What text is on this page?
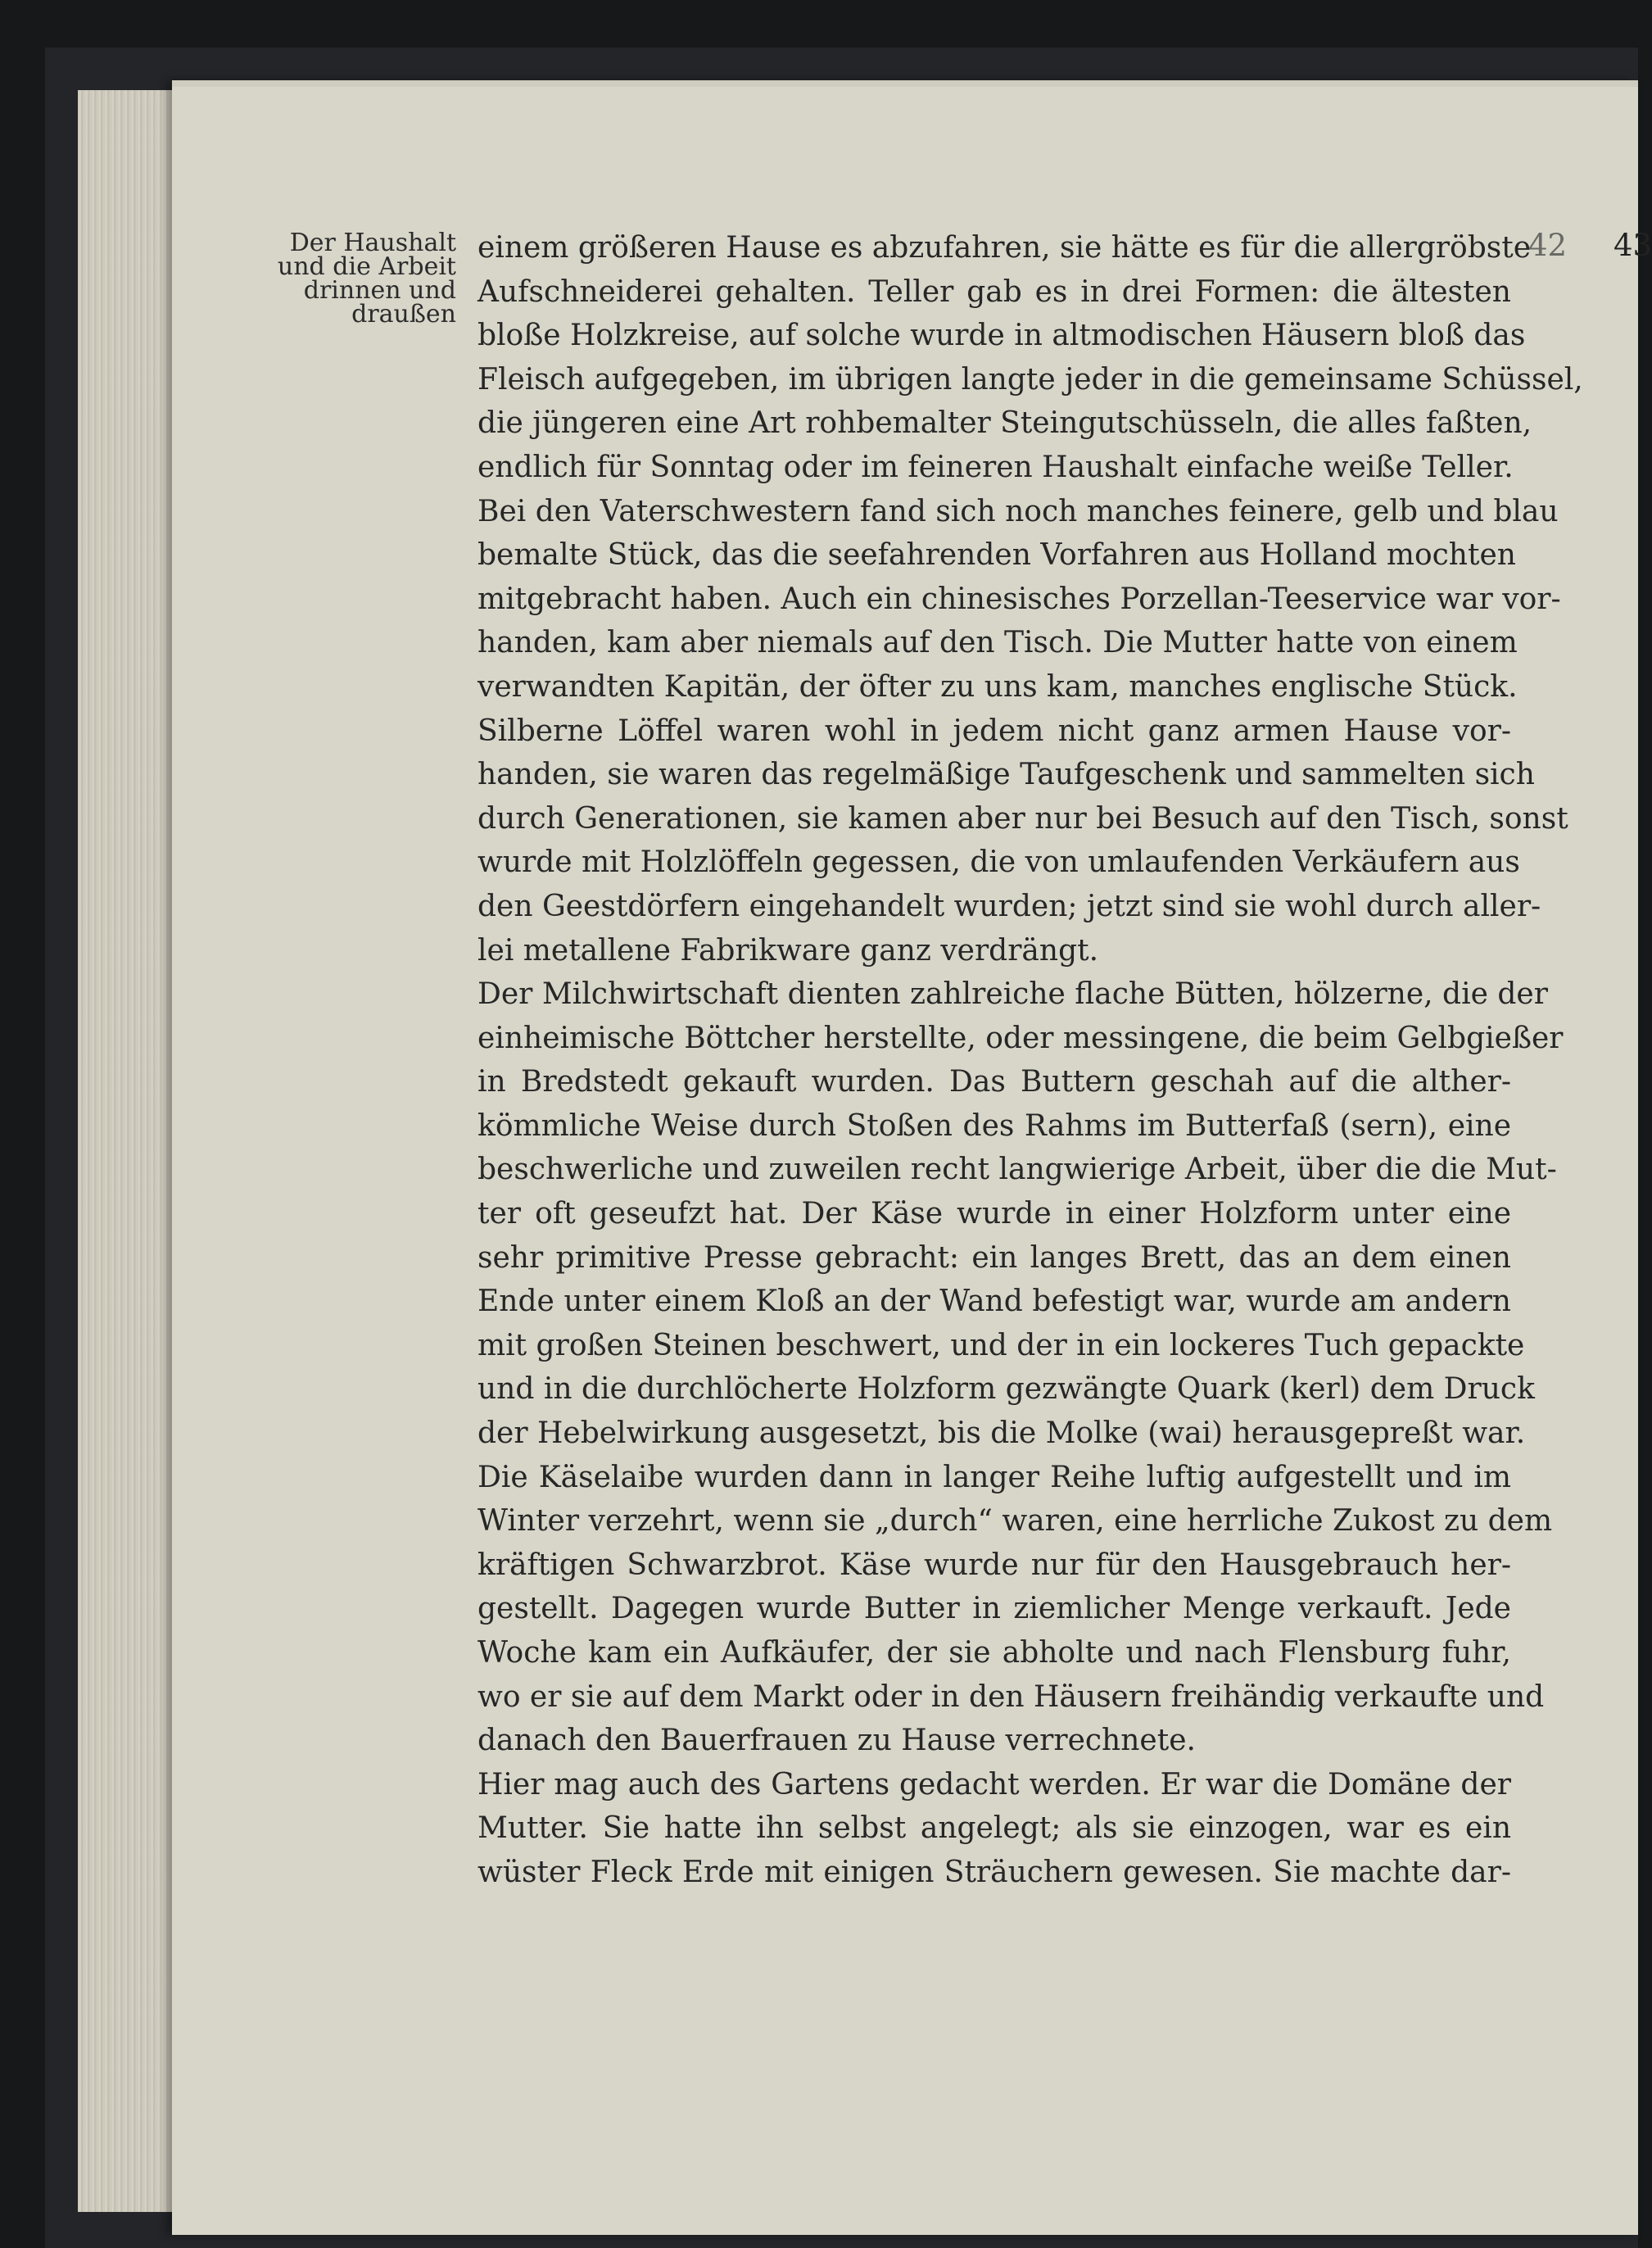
Der Haushalt
und die Arbeit
drinnen und
draußen
42 43
einem größeren Hause es abzufahren, sie hätte es für die allergröbste
Aufschneiderei gehalten. Teller gab es in drei Formen: die ältesten
bloße Holzkreise, auf solche wurde in altmodischen Häusern bloß das
Fleisch aufgegeben, im übrigen langte jeder in die gemeinsame Schüssel,
die jüngeren eine Art rohbemalter Steingutschüsseln, die alles faßten,
endlich für Sonntag oder im feineren Haushalt einfache weiße Teller.
Bei den Vaterschwestern fand sich noch manches feinere, gelb und blau
bemalte Stück, das die seefahrenden Vorfahren aus Holland mochten
mitgebracht haben. Auch ein chinesisches Porzellan-Teeservice war vor-
handen, kam aber niemals auf den Tisch. Die Mutter hatte von einem
verwandten Kapitän, der öfter zu uns kam, manches englische Stück.
Silberne Löffel waren wohl in jedem nicht ganz armen Hause vor-
handen, sie waren das regelmäßige Taufgeschenk und sammelten sich
durch Generationen, sie kamen aber nur bei Besuch auf den Tisch, sonst
wurde mit Holzlöffeln gegessen, die von umlaufenden Verkäufern aus
den Geestdörfern eingehandelt wurden; jetzt sind sie wohl durch aller-
lei metallene Fabrikware ganz verdrängt.
Der Milchwirtschaft dienten zahlreiche flache Bütten, hölzerne, die der
einheimische Böttcher herstellte, oder messingene, die beim Gelbgießer
in Bredstedt gekauft wurden. Das Buttern geschah auf die alther-
kömmliche Weise durch Stoßen des Rahms im Butterfaß (sern), eine
beschwerliche und zuweilen recht langwierige Arbeit, über die die Mut-
ter oft geseufzt hat. Der Käse wurde in einer Holzform unter eine
sehr primitive Presse gebracht: ein langes Brett, das an dem einen
Ende unter einem Kloß an der Wand befestigt war, wurde am andern
mit großen Steinen beschwert, und der in ein lockeres Tuch gepackte
und in die durchlöcherte Holzform gezwängte Quark (kerl) dem Druck
der Hebelwirkung ausgesetzt, bis die Molke (wai) herausgepreßt war.
Die Käselaibe wurden dann in langer Reihe luftig aufgestellt und im
Winter verzehrt, wenn sie „durch“ waren, eine herrliche Zukost zu dem
kräftigen Schwarzbrot. Käse wurde nur für den Hausgebrauch her-
gestellt. Dagegen wurde Butter in ziemlicher Menge verkauft. Jede
Woche kam ein Aufkäufer, der sie abholte und nach Flensburg fuhr,
wo er sie auf dem Markt oder in den Häusern freihändig verkaufte und
danach den Bauerfrauen zu Hause verrechnete.
Hier mag auch des Gartens gedacht werden. Er war die Domäne der
Mutter. Sie hatte ihn selbst angelegt; als sie einzogen, war es ein
wüster Fleck Erde mit einigen Sträuchern gewesen. Sie machte dar-
